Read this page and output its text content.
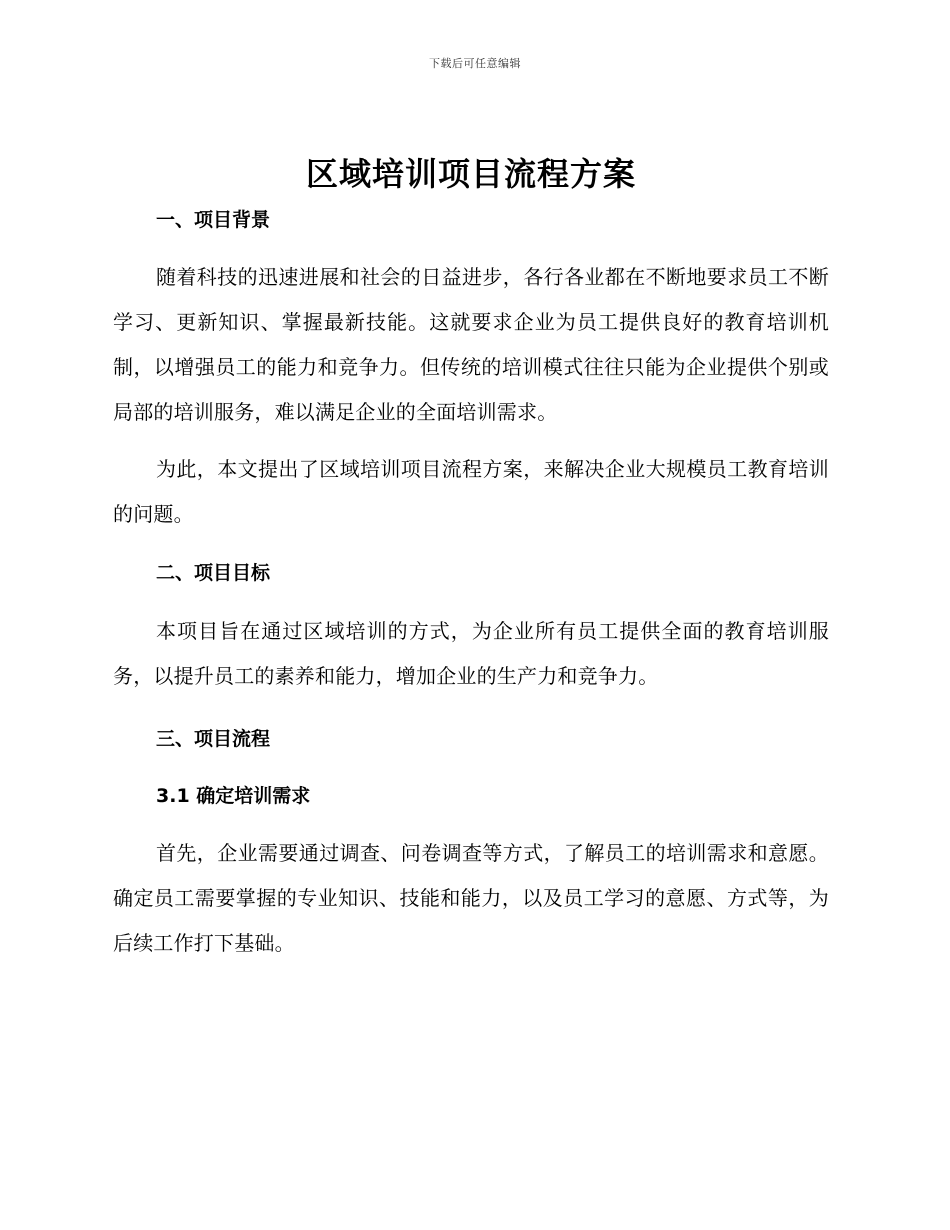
下载后可任意编辑
区域培训项目流程方案
一、项目背景

随着科技的迅速进展和社会的日益进步，各行各业都在不断地要求员工不断学习、更新知识、掌握最新技能。这就要求企业为员工提供良好的教育培训机制，以增强员工的能力和竞争力。但传统的培训模式往往只能为企业提供个别或局部的培训服务，难以满足企业的全面培训需求。

为此，本文提出了区域培训项目流程方案，来解决企业大规模员工教育培训的问题。

二、项目目标

本项目旨在通过区域培训的方式，为企业所有员工提供全面的教育培训服务，以提升员工的素养和能力，增加企业的生产力和竞争力。

三、项目流程
3.1 确定培训需求

首先，企业需要通过调查、问卷调查等方式，了解员工的培训需求和意愿。确定员工需要掌握的专业知识、技能和能力，以及员工学习的意愿、方式等，为后续工作打下基础。
